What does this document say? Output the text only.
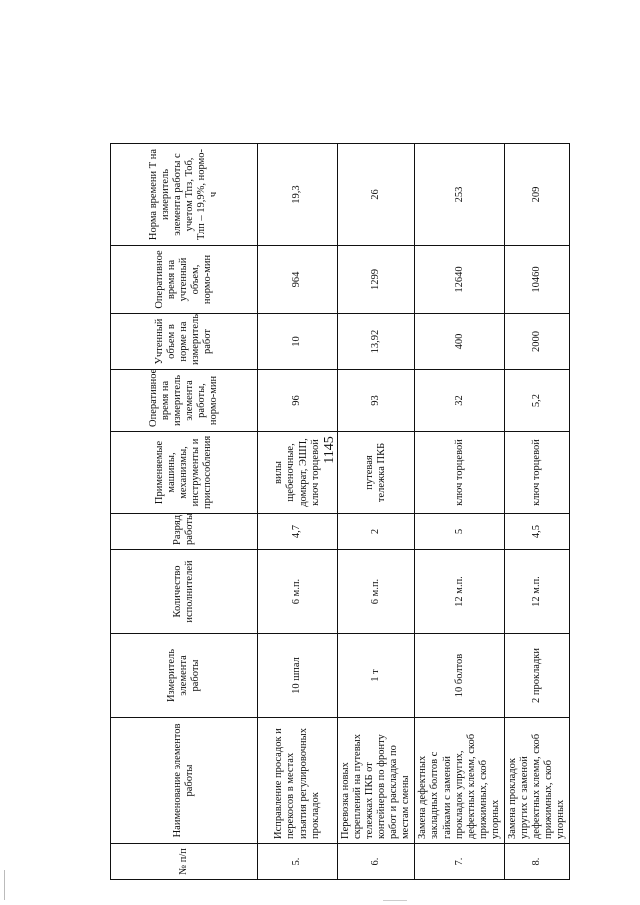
1145
№ п/п	Наименование элементов работы	Измеритель элемента работы	Количество исполнителей	Разряд работы	Применяемые машины, механизмы, инструменты и приспособления	Оперативное время на измеритель элемента работы, нормо-мин	Учтенный объем в норме на измеритель работ	Оперативное время на учтенный объем, нормо-мин	Норма времени Т на измеритель элемента работы с учетом Тпз, Тоб, Тлп – 19,9%, нормо-ч
5.	Исправление просадок и перекосов в местах изъятия регулировочных прокладок	10 шпал	6 м.п.	4,7	вилы щебеночные, домкрат, ЭШП, ключ торцевой	96	10	964	19,3
6.	Перевозка новых скреплений на путевых тележках ПКБ от контейнеров по фронту работ и раскладка по местам смены	1 т	6 м.п.	2	путевая тележка ПКБ	93	13,92	1299	26
7.	Замена дефектных закладных болтов с гайками с заменой прокладок упругих, дефектных клемм, скоб прижимных, скоб упорных	10 болтов	12 м.п.	5	ключ торцевой	32	400	12640	253
8.	Замена прокладок упругих с заменой дефектных клемм, скоб прижимных, скоб упорных	2 прокладки	12 м.п.	4,5	ключ торцевой	5,2	2000	10460	209
